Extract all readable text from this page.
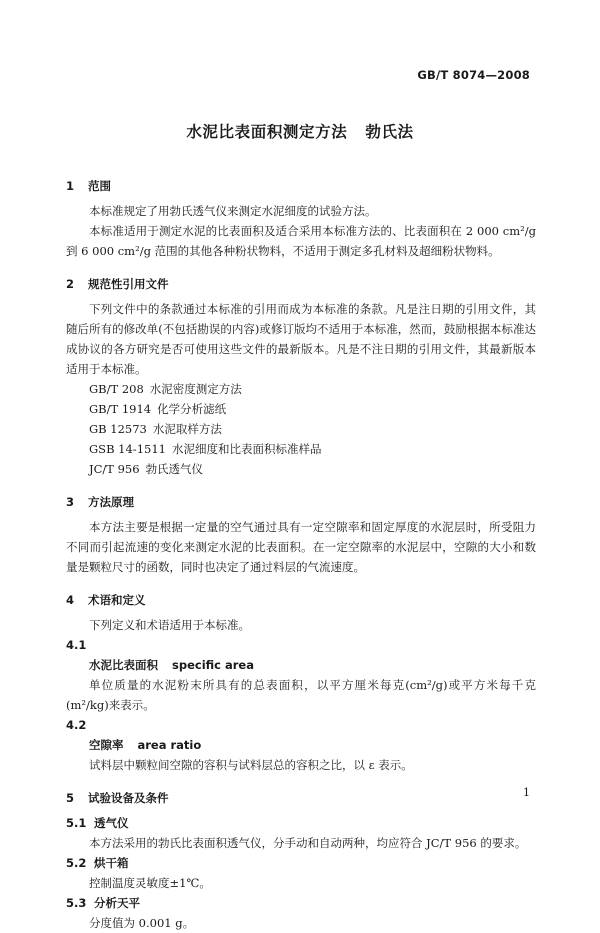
GB/T 8074—2008
水泥比表面积测定方法 勃氏法
1 范围

本标准规定了用勃氏透气仪来测定水泥细度的试验方法。

本标准适用于测定水泥的比表面积及适合采用本标准方法的、比表面积在 2 000 cm²/g 到 6 000 cm²/g 范围的其他各种粉状物料，不适用于测定多孔材料及超细粉状物料。

2 规范性引用文件

下列文件中的条款通过本标准的引用而成为本标准的条款。凡是注日期的引用文件，其随后所有的修改单(不包括勘误的内容)或修订版均不适用于本标准，然而，鼓励根据本标准达成协议的各方研究是否可使用这些文件的最新版本。凡是不注日期的引用文件，其最新版本适用于本标准。

GB/T 208 水泥密度测定方法
GB/T 1914 化学分析滤纸
GB 12573 水泥取样方法
GSB 14-1511 水泥细度和比表面积标准样品
JC/T 956 勃氏透气仪
3 方法原理

本方法主要是根据一定量的空气通过具有一定空隙率和固定厚度的水泥层时，所受阻力不同而引起流速的变化来测定水泥的比表面积。在一定空隙率的水泥层中，空隙的大小和数量是颗粒尺寸的函数，同时也决定了通过料层的气流速度。

4 术语和定义

下列定义和术语适用于本标准。

4.1
水泥比表面积 specific area

单位质量的水泥粉末所具有的总表面积，以平方厘米每克(cm²/g)或平方米每千克(m²/kg)来表示。

4.2
空隙率 area ratio

试料层中颗粒间空隙的容积与试料层总的容积之比，以 ε 表示。

5 试验设备及条件
5.1 透气仪

本方法采用的勃氏比表面积透气仪，分手动和自动两种，均应符合 JC/T 956 的要求。

5.2 烘干箱

控制温度灵敏度±1℃。

5.3 分析天平

分度值为 0.001 g。

1
